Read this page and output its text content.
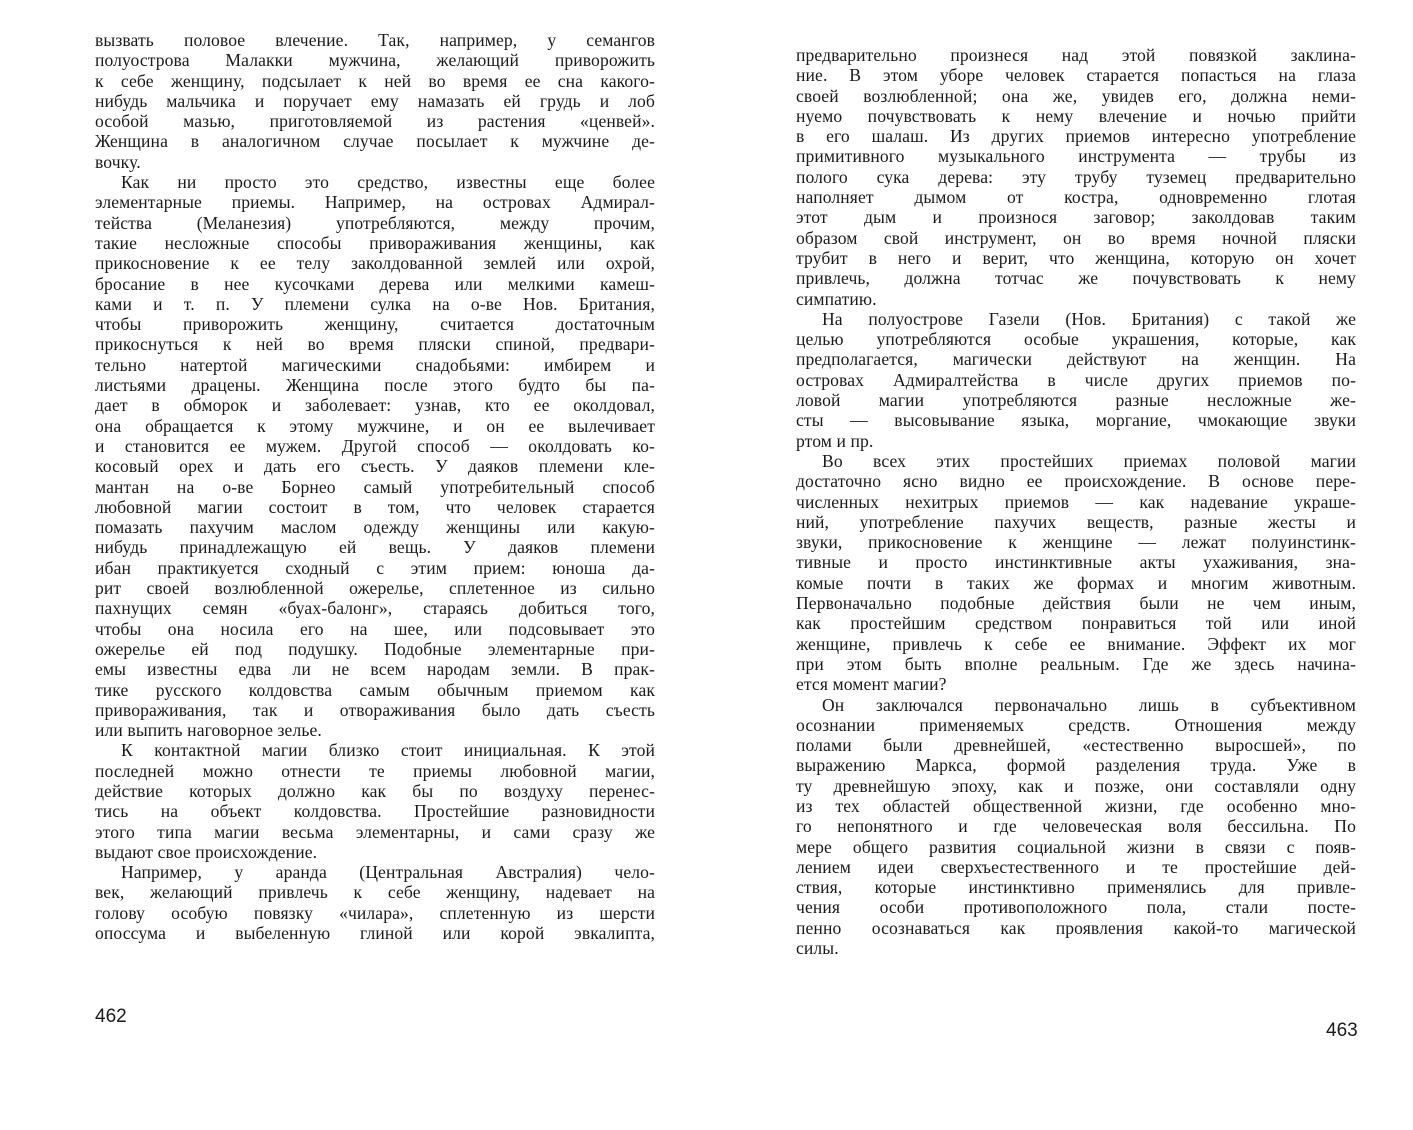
вызвать половое влечение. Так, например, у семангов
полуострова Малакки мужчина, желающий приворожить
к себе женщину, подсылает к ней во время ее сна какого-
нибудь мальчика и поручает ему намазать ей грудь и лоб
особой мазью, приготовляемой из растения «ценвей».
Женщина в аналогичном случае посылает к мужчине де-
вочку.
Как ни просто это средство, известны еще более
элементарные приемы. Например, на островах Адмирал-
тейства (Меланезия) употребляются, между прочим,
такие несложные способы привораживания женщины, как
прикосновение к ее телу заколдованной землей или охрой,
бросание в нее кусочками дерева или мелкими камеш-
ками и т. п. У племени сулка на о-ве Нов. Британия,
чтобы приворожить женщину, считается достаточным
прикоснуться к ней во время пляски спиной, предвари-
тельно натертой магическими снадобьями: имбирем и
листьями драцены. Женщина после этого будто бы па-
дает в обморок и заболевает: узнав, кто ее околдовал,
она обращается к этому мужчине, и он ее вылечивает
и становится ее мужем. Другой способ — околдовать ко-
косовый орех и дать его съесть. У даяков племени кле-
мантан на о-ве Борнео самый употребительный способ
любовной магии состоит в том, что человек старается
помазать пахучим маслом одежду женщины или какую-
нибудь принадлежащую ей вещь. У даяков племени
ибан практикуется сходный с этим прием: юноша да-
рит своей возлюбленной ожерелье, сплетенное из сильно
пахнущих семян «буах-балонг», стараясь добиться того,
чтобы она носила его на шее, или подсовывает это
ожерелье ей под подушку. Подобные элементарные при-
емы известны едва ли не всем народам земли. В прак-
тике русского колдовства самым обычным приемом как
привораживания, так и отвораживания было дать съесть
или выпить наговорное зелье.
К контактной магии близко стоит инициальная. К этой
последней можно отнести те приемы любовной магии,
действие которых должно как бы по воздуху перенес-
тись на объект колдовства. Простейшие разновидности
этого типа магии весьма элементарны, и сами сразу же
выдают свое происхождение.
Например, у аранда (Центральная Австралия) чело-
век, желающий привлечь к себе женщину, надевает на
голову особую повязку «чилара», сплетенную из шерсти
опоссума и выбеленную глиной или корой эвкалипта,
предварительно произнеся над этой повязкой заклина-
ние. В этом уборе человек старается попасться на глаза
своей возлюбленной; она же, увидев его, должна неми-
нуемо почувствовать к нему влечение и ночью прийти
в его шалаш. Из других приемов интересно употребление
примитивного музыкального инструмента — трубы из
полого сука дерева: эту трубу туземец предварительно
наполняет дымом от костра, одновременно глотая
этот дым и произнося заговор; заколдовав таким
образом свой инструмент, он во время ночной пляски
трубит в него и верит, что женщина, которую он хочет
привлечь, должна тотчас же почувствовать к нему
симпатию.
На полуострове Газели (Нов. Британия) с такой же
целью употребляются особые украшения, которые, как
предполагается, магически действуют на женщин. На
островах Адмиралтейства в числе других приемов по-
ловой магии употребляются разные несложные же-
сты — высовывание языка, моргание, чмокающие звуки
ртом и пр.
Во всех этих простейших приемах половой магии
достаточно ясно видно ее происхождение. В основе пере-
численных нехитрых приемов — как надевание украше-
ний, употребление пахучих веществ, разные жесты и
звуки, прикосновение к женщине — лежат полуинстинк-
тивные и просто инстинктивные акты ухаживания, зна-
комые почти в таких же формах и многим животным.
Первоначально подобные действия были не чем иным,
как простейшим средством понравиться той или иной
женщине, привлечь к себе ее внимание. Эффект их мог
при этом быть вполне реальным. Где же здесь начина-
ется момент магии?
Он заключался первоначально лишь в субъективном
осознании применяемых средств. Отношения между
полами были древнейшей, «естественно выросшей», по
выражению Маркса, формой разделения труда. Уже в
ту древнейшую эпоху, как и позже, они составляли одну
из тех областей общественной жизни, где особенно мно-
го непонятного и где человеческая воля бессильна. По
мере общего развития социальной жизни в связи с появ-
лением идеи сверхъестественного и те простейшие дей-
ствия, которые инстинктивно применялись для привле-
чения особи противоположного пола, стали посте-
пенно осознаваться как проявления какой-то магической
силы.
462
463
